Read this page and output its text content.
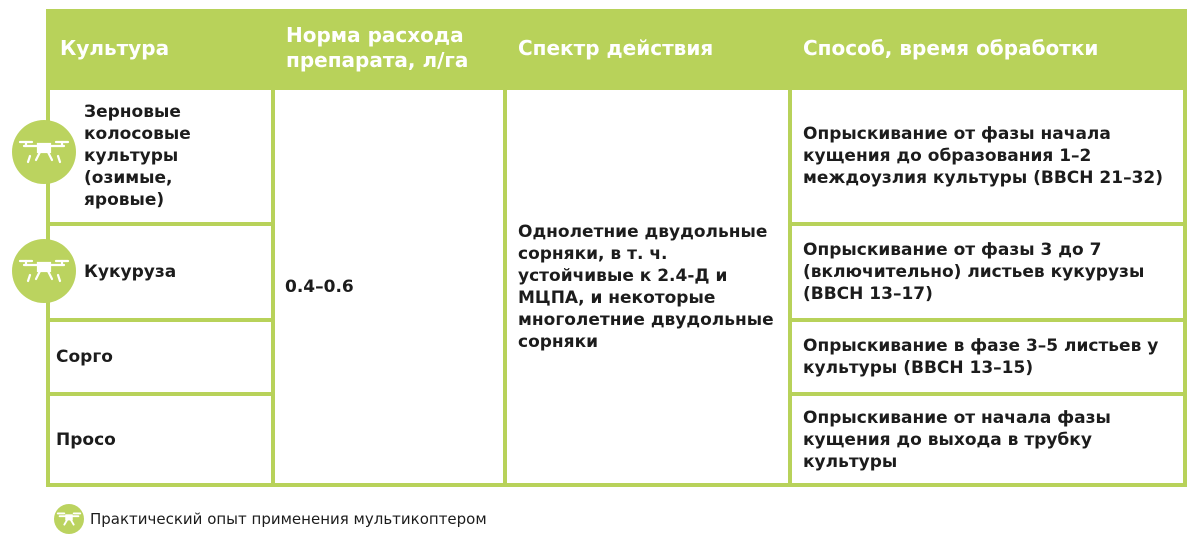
Культура
Норма расхода препарата, л/га
Спектр действия	Способ, время обработки
Зерновые колосовые культуры (озимые, яровые)
Кукуруза
Сорго
Просо
0.4–0.6
Однолетние двудольные сорняки, в т. ч. устойчивые к 2.4-Д и МЦПА, и некоторые многолетние двудольные сорняки
Опрыскивание от фазы начала кущения до образования 1–2 междоузлия культуры (BBCH 21–32)
Опрыскивание от фазы 3 до 7 (включительно) листьев кукурузы (BBCH 13–17)
Опрыскивание в фазе 3–5 листьев у культуры (BBCH 13–15)
Опрыскивание от начала фазы кущения до выхода в трубку культуры
Практический опыт применения мультикоптером
